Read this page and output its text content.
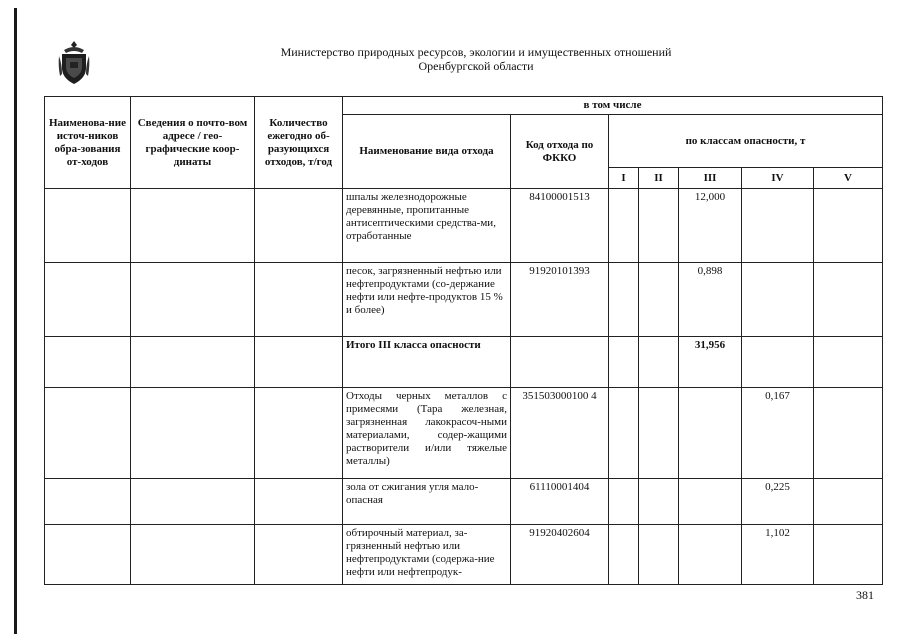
Министерство природных ресурсов, экологии и имущественных отношений
Оренбургской области
Наименова-ние источ-ников обра-зования от-ходов	Сведения о почто-вом адресе / гео-графические коор-динаты	Количество ежегодно об-разующихся отходов, т/год	в том числе						
			Наименование вида отхода	Код отхода по ФККО	по классам опасности, т				
					I	II	III	IV	V
			шпалы железнодорожные деревянные, пропитанные антисептическими средства-ми, отработанные	84100001513			12,000		
			песок, загрязненный нефтью или нефтепродуктами (со-держание нефти или нефте-продуктов 15 % и более)	91920101393			0,898		
			Итого III класса опасности				31,956		
			Отходы черных металлов с примесями (Тара железная, загрязненная лакокрасоч-ными материалами, содер-жащими растворители и/или тяжелые металлы)	351503000100 4				0,167	
			зола от сжигания угля мало-опасная	61110001404				0,225	
			обтирочный материал, за-грязненный нефтью или нефтепродуктами (содержа-ние нефти или нефтепродук-	91920402604				1,102	
381
